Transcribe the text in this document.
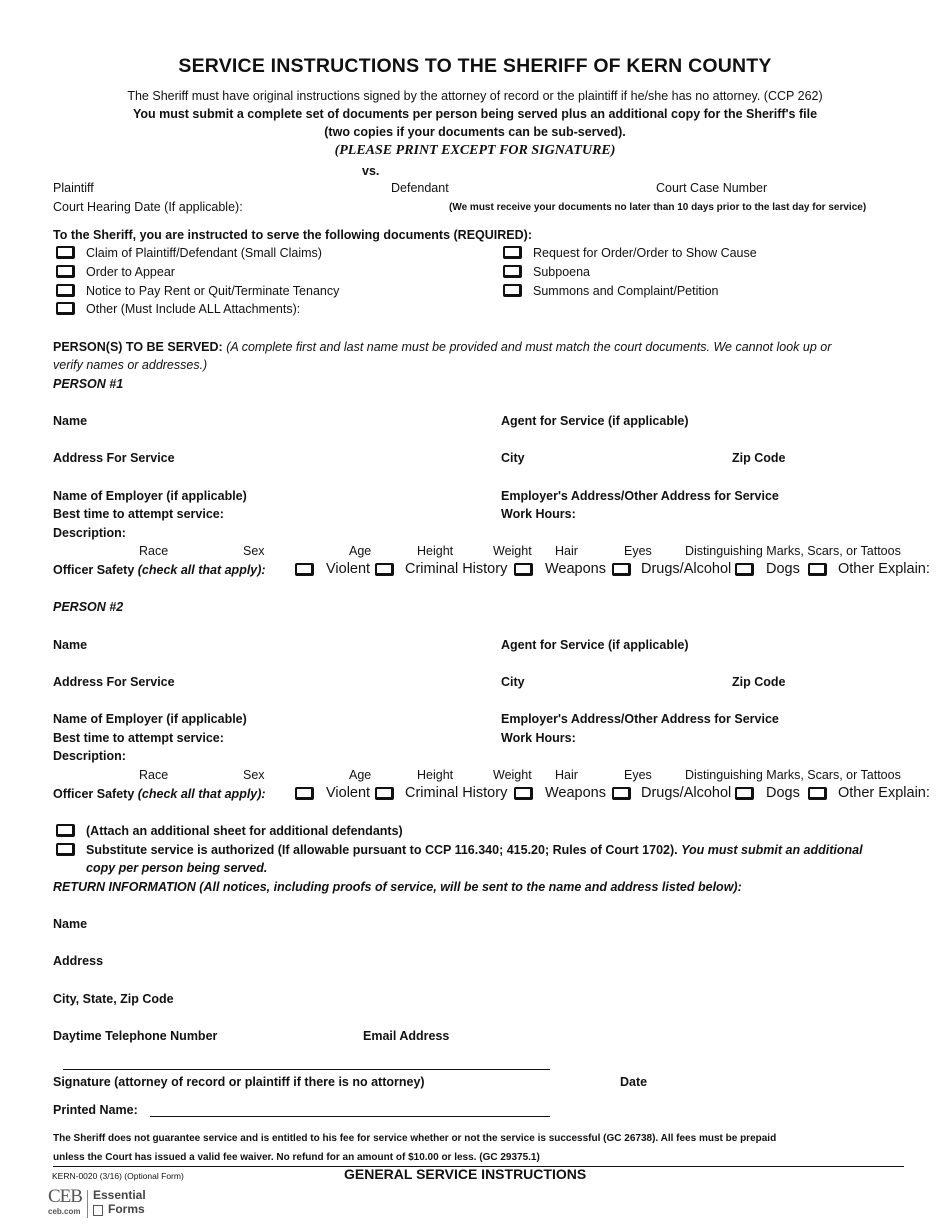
SERVICE INSTRUCTIONS TO THE SHERIFF OF KERN COUNTY
The Sheriff must have original instructions signed by the attorney of record or the plaintiff if he/she has no attorney. (CCP 262)
You must submit a complete set of documents per person being served plus an additional copy for the Sheriff's file
(two copies if your documents can be sub-served).
(PLEASE PRINT EXCEPT FOR SIGNATURE)
vs.
Plaintiff	Defendant	Court Case Number
Court Hearing Date (If applicable):	(We must receive your documents no later than 10 days prior to the last day for service)
To the Sheriff, you are instructed to serve the following documents (REQUIRED):
Claim of Plaintiff/Defendant (Small Claims)
Order to Appear
Notice to Pay Rent or Quit/Terminate Tenancy
Other (Must Include ALL Attachments):
Request for Order/Order to Show Cause
Subpoena
Summons and Complaint/Petition
PERSON(S) TO BE SERVED: (A complete first and last name must be provided and must match the court documents. We cannot look up or
verify names or addresses.)
PERSON #1
Name	Agent for Service (if applicable)
Address For Service	City	Zip Code
Name of Employer (if applicable)	Employer's Address/Other Address for Service
Best time to attempt service:	Work Hours:
Description:
Race	Sex	Age	Height	Weight Hair	Eyes	Distinguishing Marks, Scars, or Tattoos
Officer Safety (check all that apply):	Violent Criminal History	Weapons Drugs/Alcohol Dogs	Other Explain:
PERSON #2
Name	Agent for Service (if applicable)
Address For Service	City	Zip Code
Name of Employer (if applicable)	Employer's Address/Other Address for Service
Best time to attempt service:	Work Hours:
Description:
Race	Sex	Age	Height	Weight Hair	Eyes	Distinguishing Marks, Scars, or Tattoos
Officer Safety (check all that apply):	Violent Criminal History	Weapons Drugs/Alcohol Dogs	Other Explain:
(Attach an additional sheet for additional defendants)
Substitute service is authorized (If allowable pursuant to CCP 116.340; 415.20; Rules of Court 1702). You must submit an additional
copy per person being served.
RETURN INFORMATION (All notices, including proofs of service, will be sent to the name and address listed below):
Name
Address
City, State, Zip Code
Daytime Telephone Number	Email Address
Signature (attorney of record or plaintiff if there is no attorney)	Date
Printed Name:
The Sheriff does not guarantee service and is entitled to his fee for service whether or not the service is successful (GC 26738). All fees must be prepaid
unless the Court has issued a valid fee waiver. No refund for an amount of $10.00 or less. (GC 29375.1)
KERN-0020 (3/16) (Optional Form)	GENERAL SERVICE INSTRUCTIONS
CEB
ceb.com
Essential
Forms
